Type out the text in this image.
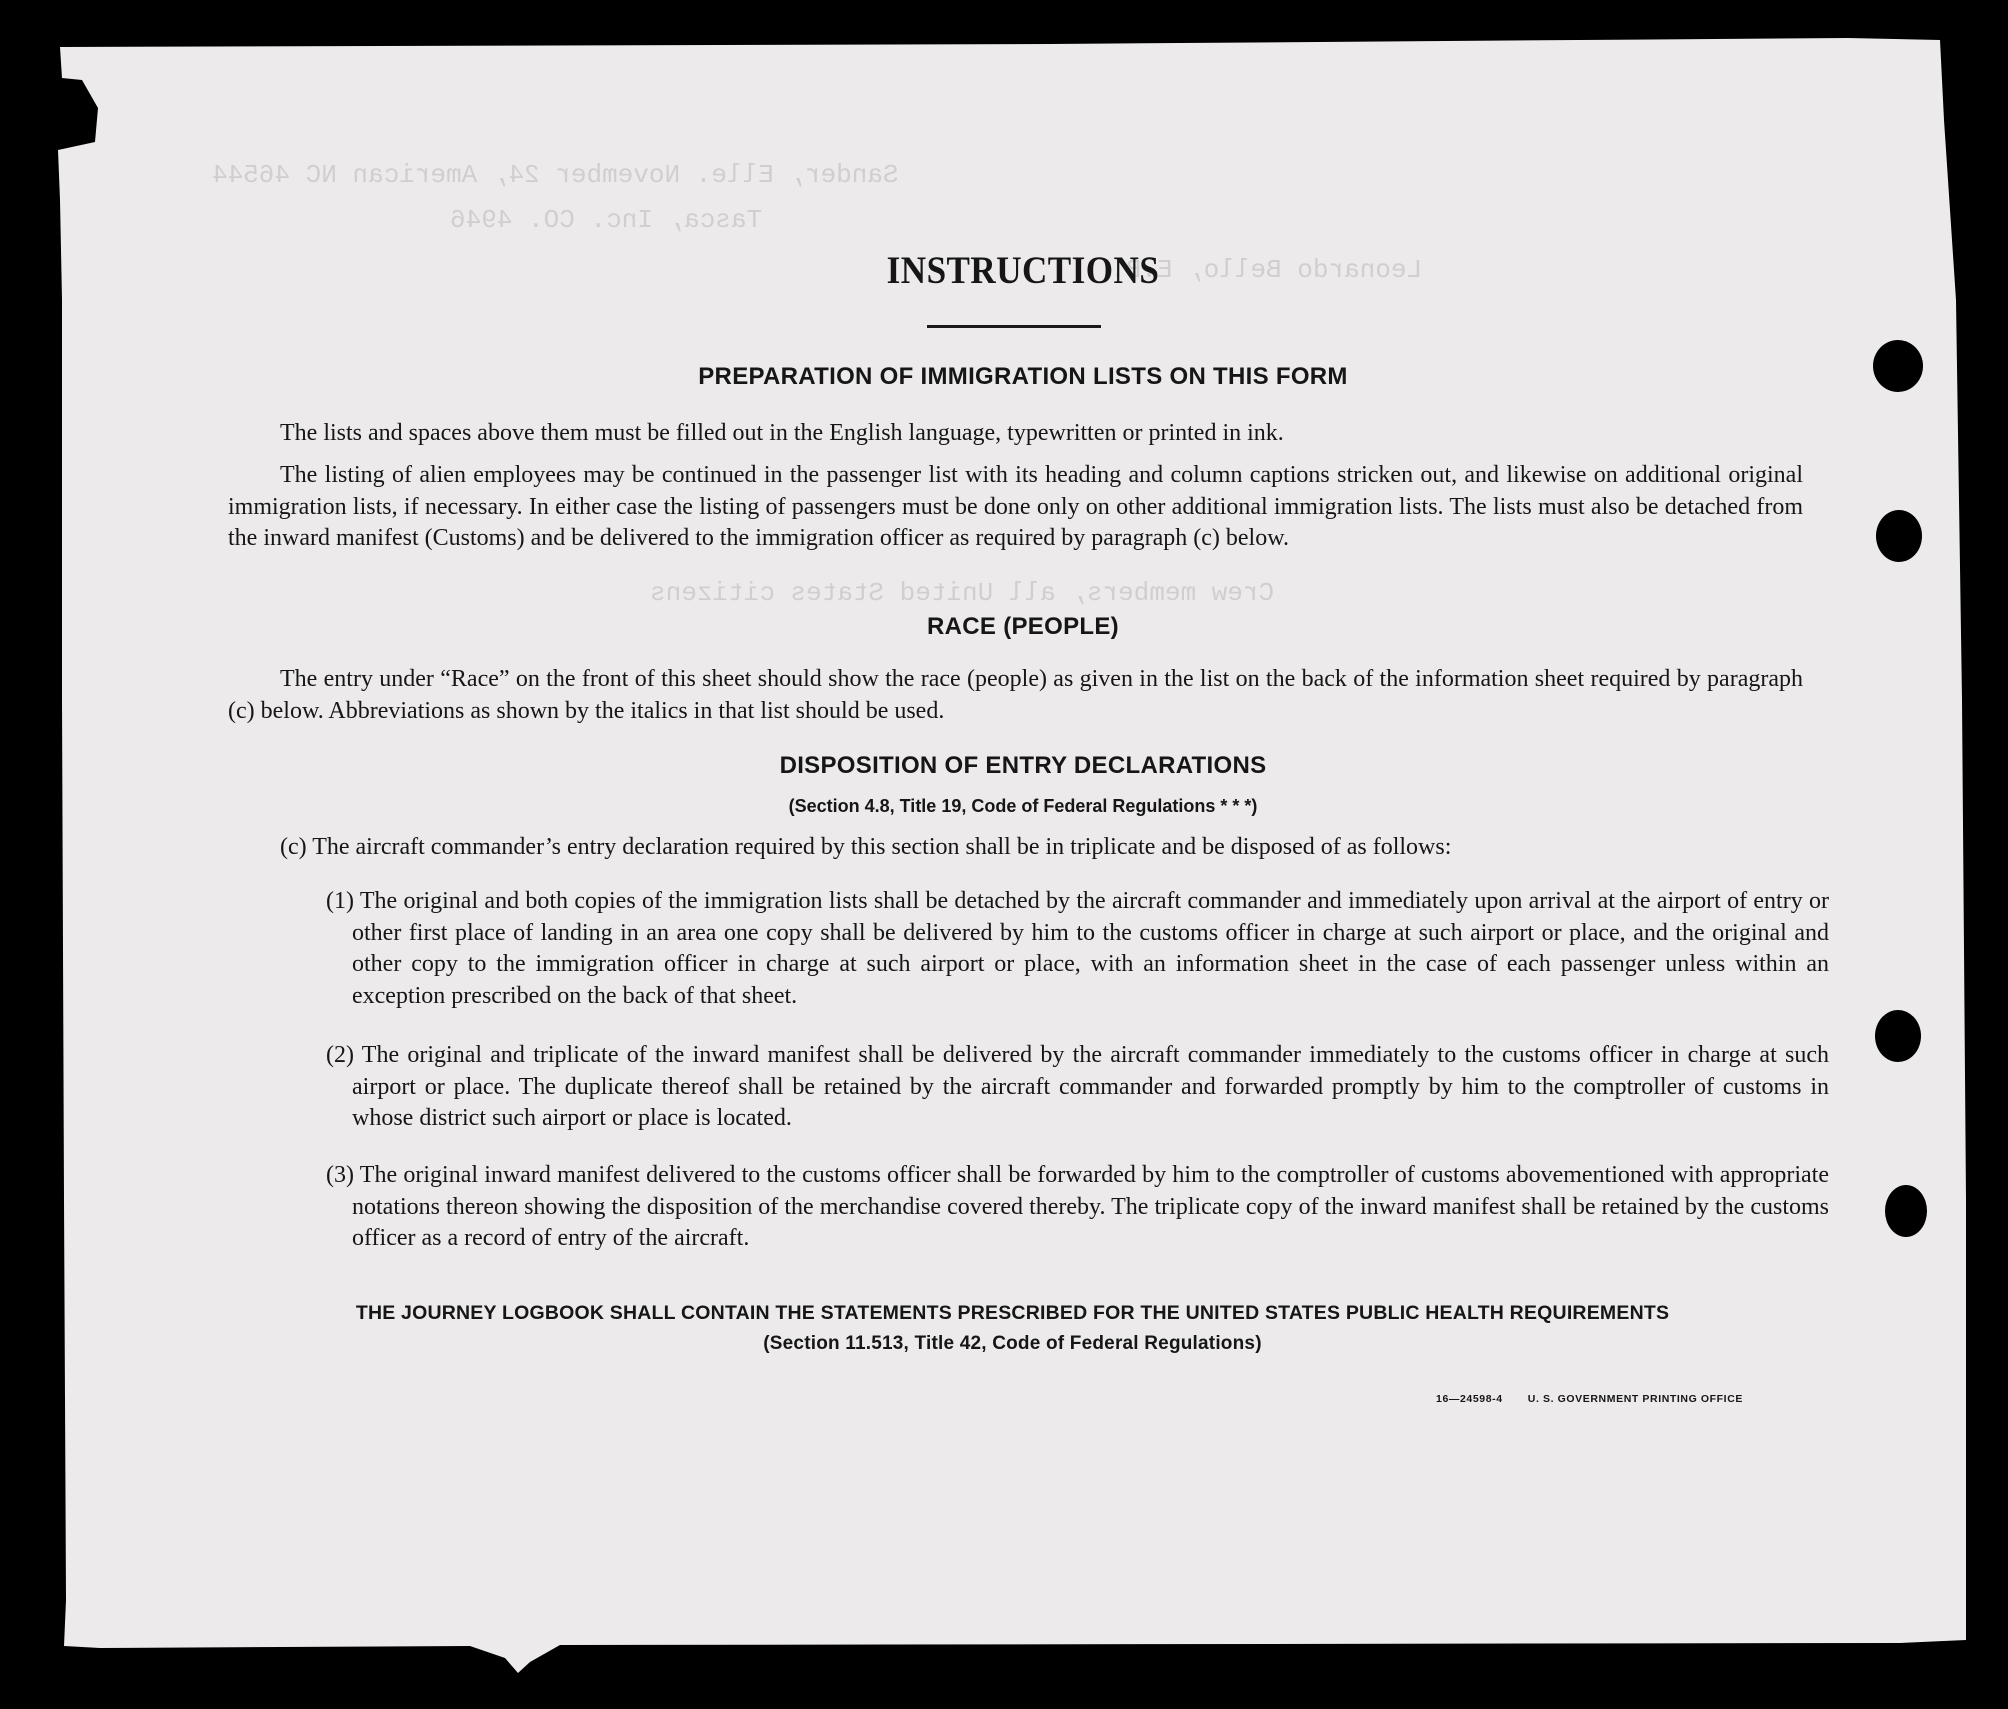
Sander, Elle. November 24, American NC 46544

Tasca, Inc. CO. 4946

Leonardo Bello, E.B.

Crew members, all United States citizens

INSTRUCTIONS
PREPARATION OF IMMIGRATION LISTS ON THIS FORM

The lists and spaces above them must be filled out in the English language, typewritten or printed in ink.

The listing of alien employees may be continued in the passenger list with its heading and column captions stricken out, and likewise on additional original immigration lists, if necessary. In either case the listing of passengers must be done only on other additional immigration lists. The lists must also be detached from the inward manifest (Customs) and be delivered to the immigration officer as required by paragraph (c) below.

RACE (PEOPLE)

The entry under “Race” on the front of this sheet should show the race (people) as given in the list on the back of the information sheet required by paragraph (c) below. Abbreviations as shown by the italics in that list should be used.

DISPOSITION OF ENTRY DECLARATIONS

(Section 4.8, Title 19, Code of Federal Regulations * * *)

(c) The aircraft commander’s entry declaration required by this section shall be in triplicate and be disposed of as follows:

(1) The original and both copies of the immigration lists shall be detached by the aircraft commander and immediately upon arrival at the airport of entry or other first place of landing in an area one copy shall be delivered by him to the customs officer in charge at such airport or place, and the original and other copy to the immigration officer in charge at such airport or place, with an information sheet in the case of each passenger unless within an exception prescribed on the back of that sheet.

(2) The original and triplicate of the inward manifest shall be delivered by the aircraft commander immediately to the customs officer in charge at such airport or place. The duplicate thereof shall be retained by the aircraft commander and forwarded promptly by him to the comptroller of customs in whose district such airport or place is located.

(3) The original inward manifest delivered to the customs officer shall be forwarded by him to the comptroller of customs abovementioned with appropriate notations thereon showing the disposition of the merchandise covered thereby. The triplicate copy of the inward manifest shall be retained by the customs officer as a record of entry of the aircraft.

THE JOURNEY LOGBOOK SHALL CONTAIN THE STATEMENTS PRESCRIBED FOR THE UNITED STATES PUBLIC HEALTH REQUIREMENTS

(Section 11.513, Title 42, Code of Federal Regulations)

16—24598-4 U. S. GOVERNMENT PRINTING OFFICE
